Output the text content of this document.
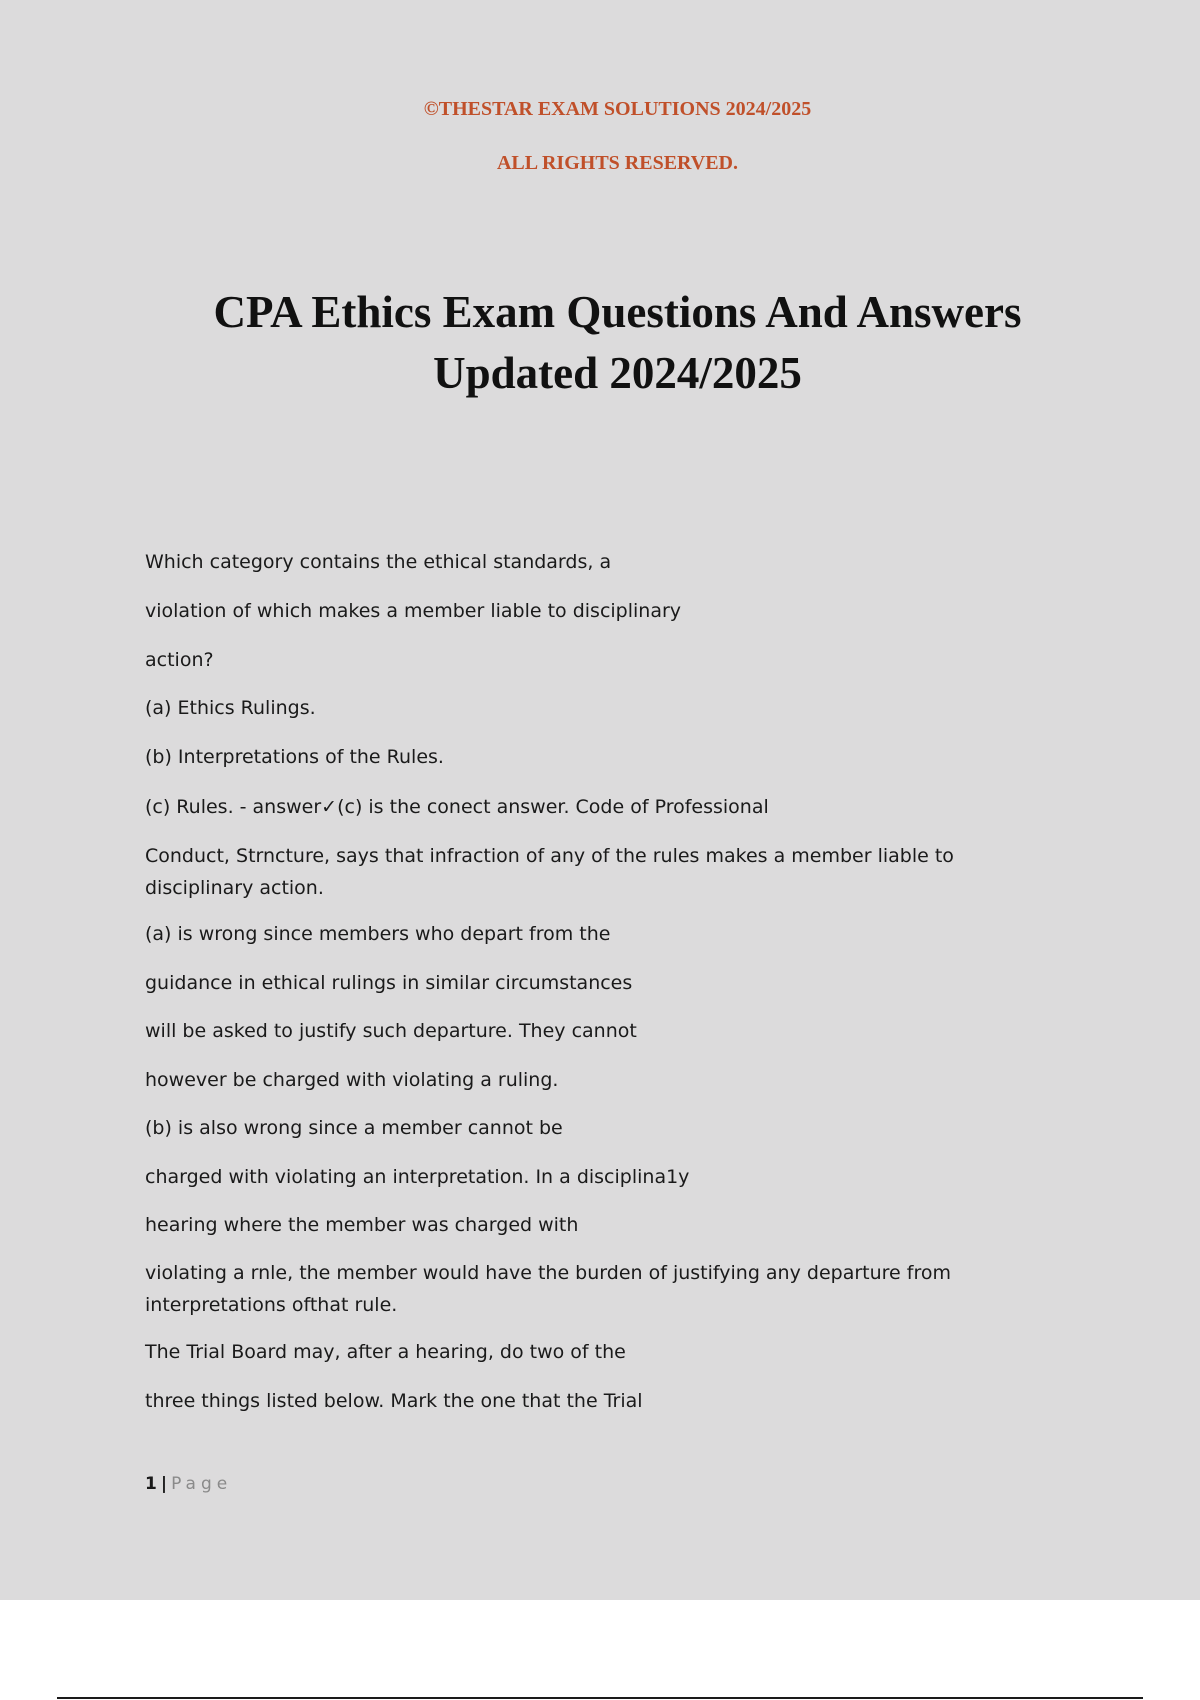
©THESTAR EXAM SOLUTIONS 2024/2025

ALL RIGHTS RESERVED.

CPA Ethics Exam Questions And Answers
Updated 2024/2025

Which category contains the ethical standards, a

violation of which makes a member liable to disciplinary

action?

(a) Ethics Rulings.

(b) Interpretations of the Rules.

(c) Rules. - answer✓(c) is the conect answer. Code of Professional

Conduct, Strncture, says that infraction of any of the rules makes a member liable to disciplinary action.

(a) is wrong since members who depart from the

guidance in ethical rulings in similar circumstances

will be asked to justify such departure. They cannot

however be charged with violating a ruling.

(b) is also wrong since a member cannot be

charged with violating an interpretation. In a disciplina1y

hearing where the member was charged with

violating a rnle, the member would have the burden of justifying any departure from interpretations ofthat rule.

The Trial Board may, after a hearing, do two of the

three things listed below. Mark the one that the Trial

1 | Page
